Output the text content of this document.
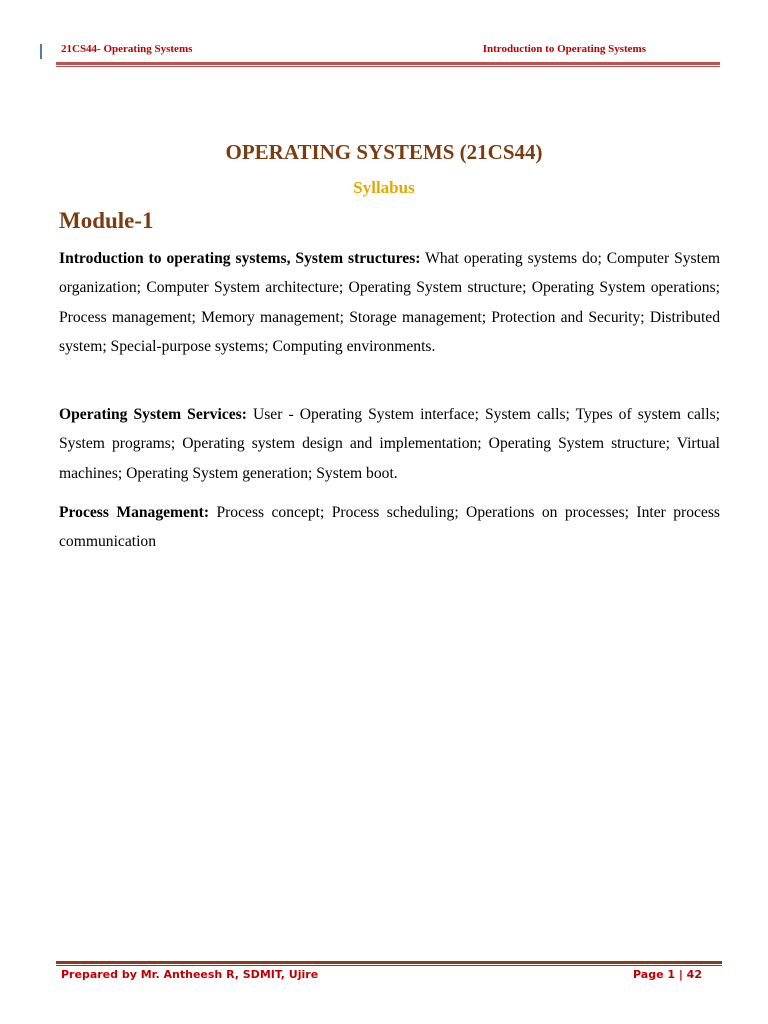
21CS44- Operating Systems	Introduction to Operating Systems
OPERATING SYSTEMS (21CS44)
Syllabus
Module-1

Introduction to operating systems, System structures: What operating systems do; Computer System organization; Computer System architecture; Operating System structure; Operating System operations; Process management; Memory management; Storage management; Protection and Security; Distributed system; Special-purpose systems; Computing environments.

Operating System Services: User - Operating System interface; System calls; Types of system calls; System programs; Operating system design and implementation; Operating System structure; Virtual machines; Operating System generation; System boot.

Process Management: Process concept; Process scheduling; Operations on processes; Inter process communication

Prepared by Mr. Antheesh R, SDMIT, Ujire	Page 1 | 42
